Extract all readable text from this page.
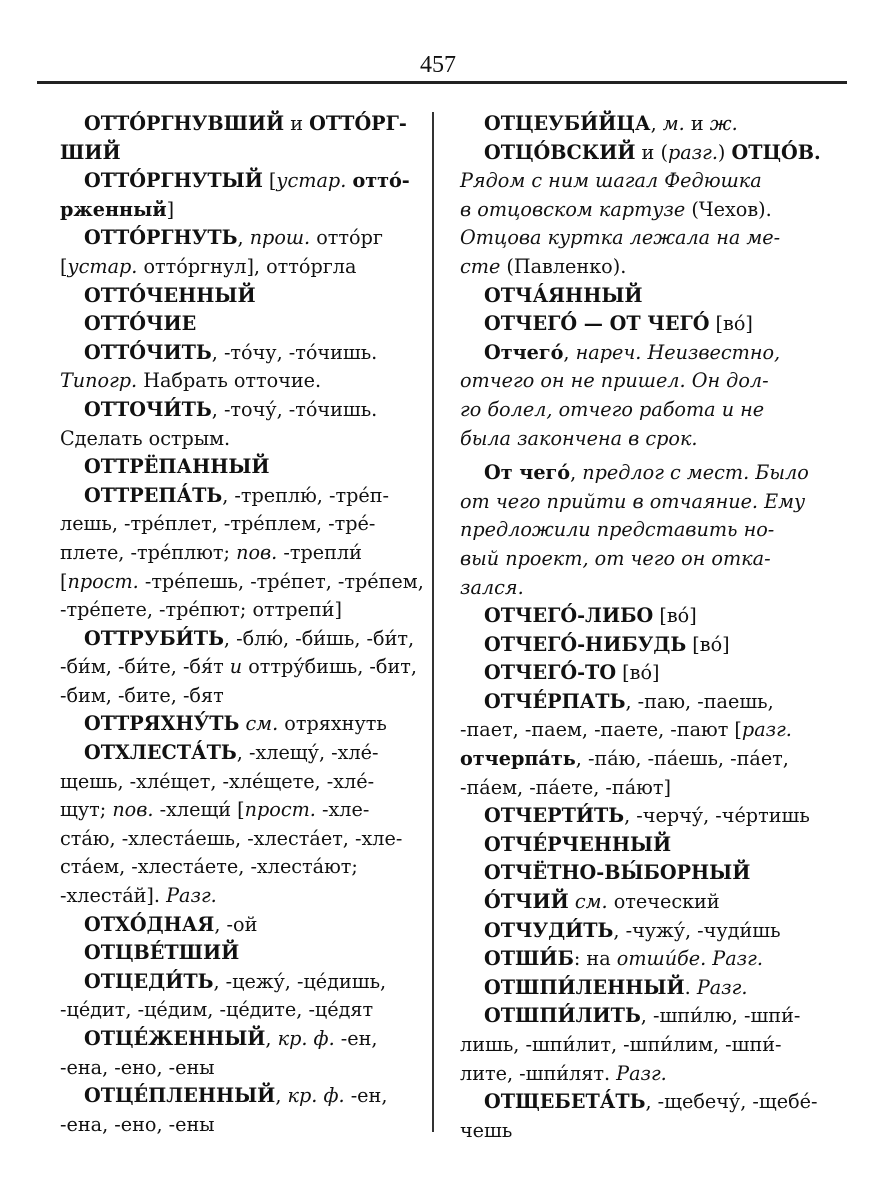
457
ОТТО́РГНУВШИЙ и ОТТО́РГ-
ШИЙ
ОТТО́РГНУТЫЙ [устар. отто́-
рженный]
ОТТО́РГНУТЬ, прош. отто́рг
[устар. отто́ргнул], отто́ргла
ОТТО́ЧЕННЫЙ
ОТТО́ЧИЕ
ОТТО́ЧИТЬ, -то́чу, -то́чишь.
Типогр. Набрать отточие.
ОТТОЧИ́ТЬ, -точу́, -то́чишь.
Сделать острым.
ОТТРЁПАННЫЙ
ОТТРЕПА́ТЬ, -треплю́, -тре́п-
лешь, -тре́плет, -тре́плем, -тре́-
плете, -тре́плют; пов. -трепли́
[прост. -тре́пешь, -тре́пет, -тре́пем,
-тре́пете, -тре́пют; оттрепи́]
ОТТРУБИ́ТЬ, -блю́, -би́шь, -би́т,
-би́м, -би́те, -бя́т и оттру́бишь, -бит,
-бим, -бите, -бят
ОТТРЯХНУ́ТЬ см. отряхнуть
ОТХЛЕСТА́ТЬ, -хлещу́, -хле́-
щешь, -хле́щет, -хле́щете, -хле́-
щут; пов. -хлещи́ [прост. -хле-
ста́ю, -хлеста́ешь, -хлеста́ет, -хле-
ста́ем, -хлеста́ете, -хлеста́ют;
-хлеста́й]. Разг.
ОТХО́ДНАЯ, -ой
ОТЦВЕ́ТШИЙ
ОТЦЕДИ́ТЬ, -цежу́, -це́дишь,
-це́дит, -це́дим, -це́дите, -це́дят
ОТЦЕ́ЖЕННЫЙ, кр. ф. -ен,
-ена, -ено, -ены
ОТЦЕ́ПЛЕННЫЙ, кр. ф. -ен,
-ена, -ено, -ены
ОТЦЕУБИ́ЙЦА, м. и ж.
ОТЦО́ВСКИЙ и (разг.) ОТЦО́В.
Рядом с ним шагал Федюшка
в отцовском картузе (Чехов).
Отцова куртка лежала на ме-
сте (Павленко).
ОТЧА́ЯННЫЙ
ОТЧЕГО́ — ОТ ЧЕГО́ [во́]
Отчего́, нареч. Неизвестно,
отчего он не пришел. Он дол-
го болел, отчего работа и не
была закончена в срок.
От чего́, предлог с мест. Было
от чего прийти в отчаяние. Ему
предложили представить но-
вый проект, от чего он отка-
зался.
ОТЧЕГО́-ЛИБО [во́]
ОТЧЕГО́-НИБУДЬ [во́]
ОТЧЕГО́-ТО [во́]
ОТЧЕ́РПАТЬ, -паю, -паешь,
-пает, -паем, -паете, -пают [разг.
отчерпа́ть, -па́ю, -па́ешь, -па́ет,
-па́ем, -па́ете, -па́ют]
ОТЧЕРТИ́ТЬ, -черчу́, -че́ртишь
ОТЧЕ́РЧЕННЫЙ
ОТЧЁТНО-ВЫ́БОРНЫЙ
О́ТЧИЙ см. отеческий
ОТЧУДИ́ТЬ, -чужу́, -чуди́шь
ОТШИ́Б: на отши́бе. Разг.
ОТШПИ́ЛЕННЫЙ. Разг.
ОТШПИ́ЛИТЬ, -шпи́лю, -шпи́-
лишь, -шпи́лит, -шпи́лим, -шпи́-
лите, -шпи́лят. Разг.
ОТЩЕБЕТА́ТЬ, -щебечу́, -щебе́-
чешь
